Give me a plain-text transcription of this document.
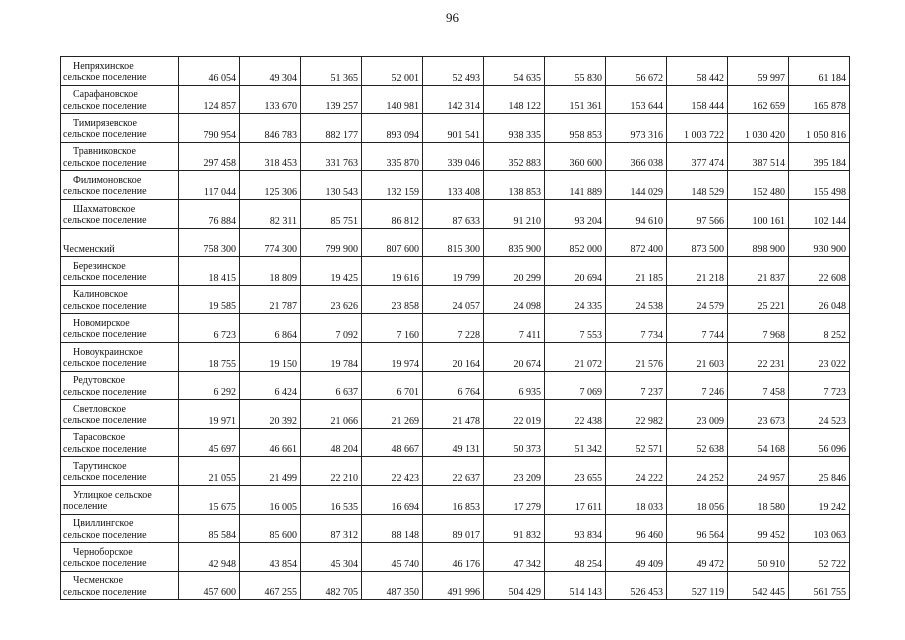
96
Непряхинское
сельское поселение	46 054	49 304	51 365	52 001	52 493	54 635	55 830	56 672	58 442	59 997	61 184

Сарафановское
сельское поселение	124 857	133 670	139 257	140 981	142 314	148 122	151 361	153 644	158 444	162 659	165 878

Тимирязевское
сельское поселение	790 954	846 783	882 177	893 094	901 541	938 335	958 853	973 316	1 003 722	1 030 420	1 050 816

Травниковское
сельское поселение	297 458	318 453	331 763	335 870	339 046	352 883	360 600	366 038	377 474	387 514	395 184

Филимоновское
сельское поселение	117 044	125 306	130 543	132 159	133 408	138 853	141 889	144 029	148 529	152 480	155 498

Шахматовское
сельское поселение	76 884	82 311	85 751	86 812	87 633	91 210	93 204	94 610	97 566	100 161	102 144

Чесменский	758 300	774 300	799 900	807 600	815 300	835 900	852 000	872 400	873 500	898 900	930 900

Березинское
сельское поселение	18 415	18 809	19 425	19 616	19 799	20 299	20 694	21 185	21 218	21 837	22 608

Калиновское
сельское поселение	19 585	21 787	23 626	23 858	24 057	24 098	24 335	24 538	24 579	25 221	26 048

Новомирское
сельское поселение	6 723	6 864	7 092	7 160	7 228	7 411	7 553	7 734	7 744	7 968	8 252

Новоукраинское
сельское поселение	18 755	19 150	19 784	19 974	20 164	20 674	21 072	21 576	21 603	22 231	23 022

Редутовское
сельское поселение	6 292	6 424	6 637	6 701	6 764	6 935	7 069	7 237	7 246	7 458	7 723

Светловское
сельское поселение	19 971	20 392	21 066	21 269	21 478	22 019	22 438	22 982	23 009	23 673	24 523

Тарасовское
сельское поселение	45 697	46 661	48 204	48 667	49 131	50 373	51 342	52 571	52 638	54 168	56 096

Тарутинское
сельское поселение	21 055	21 499	22 210	22 423	22 637	23 209	23 655	24 222	24 252	24 957	25 846

Углицкое сельское
поселение	15 675	16 005	16 535	16 694	16 853	17 279	17 611	18 033	18 056	18 580	19 242

Цвиллингское
сельское поселение	85 584	85 600	87 312	88 148	89 017	91 832	93 834	96 460	96 564	99 452	103 063

Черноборское
сельское поселение	42 948	43 854	45 304	45 740	46 176	47 342	48 254	49 409	49 472	50 910	52 722

Чесменское
сельское поселение	457 600	467 255	482 705	487 350	491 996	504 429	514 143	526 453	527 119	542 445	561 755
